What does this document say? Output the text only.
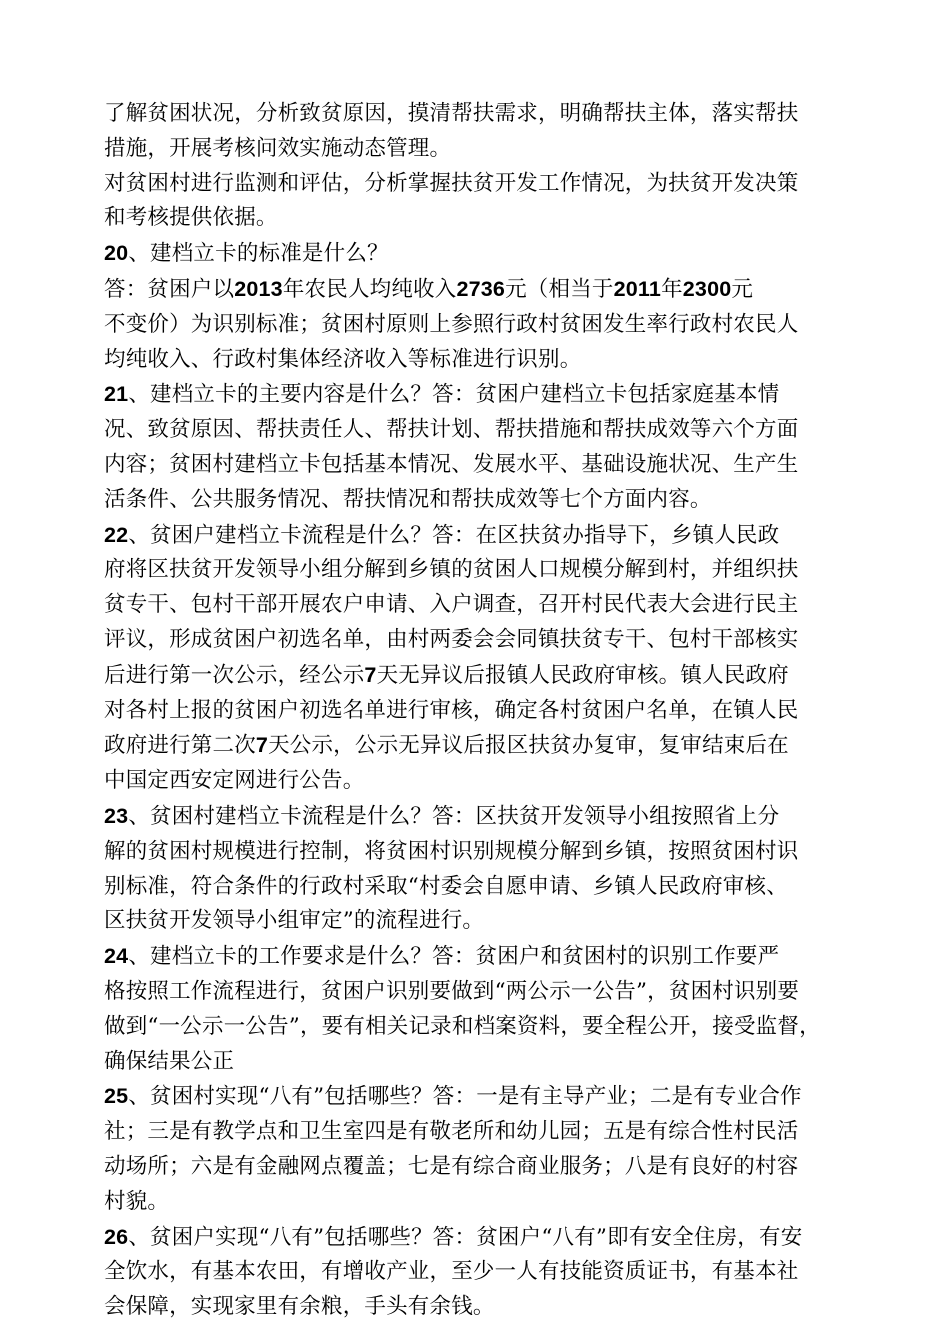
了解贫困状况，分析致贫原因，摸清帮扶需求，明确帮扶主体，落实帮扶
措施，开展考核问效实施动态管理。
对贫困村进行监测和评估，分析掌握扶贫开发工作情况，为扶贫开发决策
和考核提供依据。
20、建档立卡的标准是什么？
答：贫困户以2013年农民人均纯收入2736元（相当于2011年2300元
不变价）为识别标准；贫困村原则上参照行政村贫困发生率行政村农民人
均纯收入、行政村集体经济收入等标准进行识别。
21、建档立卡的主要内容是什么？答：贫困户建档立卡包括家庭基本情
况、致贫原因、帮扶责任人、帮扶计划、帮扶措施和帮扶成效等六个方面
内容；贫困村建档立卡包括基本情况、发展水平、基础设施状况、生产生
活条件、公共服务情况、帮扶情况和帮扶成效等七个方面内容。
22、贫困户建档立卡流程是什么？答：在区扶贫办指导下，乡镇人民政
府将区扶贫开发领导小组分解到乡镇的贫困人口规模分解到村，并组织扶
贫专干、包村干部开展农户申请、入户调查，召开村民代表大会进行民主
评议，形成贫困户初选名单，由村两委会会同镇扶贫专干、包村干部核实
后进行第一次公示，经公示7天无异议后报镇人民政府审核。镇人民政府
对各村上报的贫困户初选名单进行审核，确定各村贫困户名单，在镇人民
政府进行第二次7天公示，公示无异议后报区扶贫办复审，复审结束后在
中国定西安定网进行公告。
23、贫困村建档立卡流程是什么？答：区扶贫开发领导小组按照省上分
解的贫困村规模进行控制，将贫困村识别规模分解到乡镇，按照贫困村识
别标准，符合条件的行政村采取“村委会自愿申请、乡镇人民政府审核、
区扶贫开发领导小组审定”的流程进行。
24、建档立卡的工作要求是什么？答：贫困户和贫困村的识别工作要严
格按照工作流程进行，贫困户识别要做到“两公示一公告”，贫困村识别要
做到“一公示一公告”，要有相关记录和档案资料，要全程公开，接受监督，
确保结果公正
25、贫困村实现“八有”包括哪些？答：一是有主导产业；二是有专业合作
社；三是有教学点和卫生室四是有敬老所和幼儿园；五是有综合性村民活
动场所；六是有金融网点覆盖；七是有综合商业服务；八是有良好的村容
村貌。
26、贫困户实现“八有”包括哪些？答：贫困户“八有”即有安全住房，有安
全饮水，有基本农田，有增收产业，至少一人有技能资质证书，有基本社
会保障，实现家里有余粮，手头有余钱。
